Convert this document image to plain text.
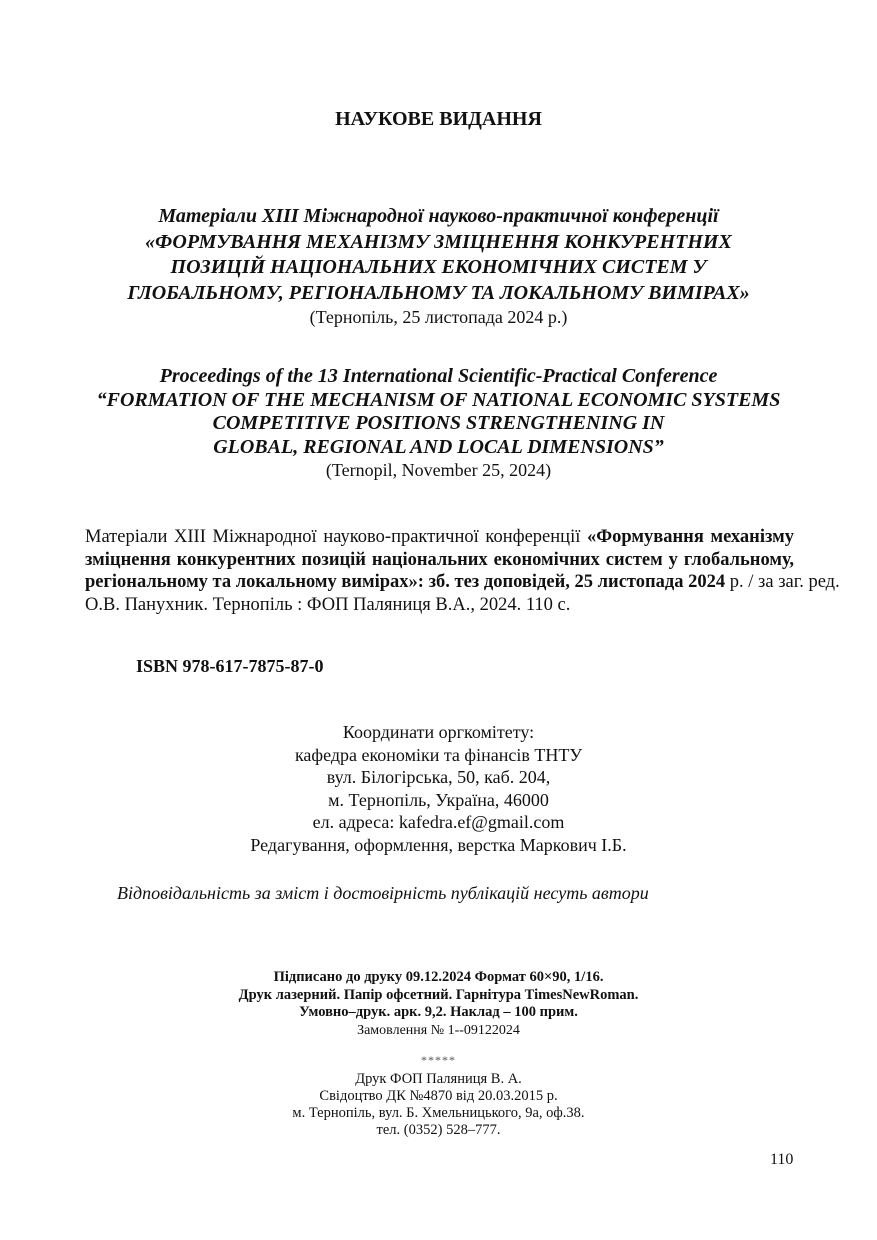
НАУКОВЕ ВИДАННЯ
Матеріали XIII Міжнародної науково-практичної конференції
«ФОРМУВАННЯ МЕХАНІЗМУ ЗМІЦНЕННЯ КОНКУРЕНТНИХ
ПОЗИЦІЙ НАЦІОНАЛЬНИХ ЕКОНОМІЧНИХ СИСТЕМ У
ГЛОБАЛЬНОМУ, РЕГІОНАЛЬНОМУ ТА ЛОКАЛЬНОМУ ВИМІРАХ»
(Тернопіль, 25 листопада 2024 р.)
Proceedings of the 13 International Scientific-Practical Conference
“FORMATION OF THE MECHANISM OF NATIONAL ECONOMIC SYSTEMS
COMPETITIVE POSITIONS STRENGTHENING IN
GLOBAL, REGIONAL AND LOCAL DIMENSIONS”
(Ternopil, November 25, 2024)
Матеріали XIII Міжнародної науково-практичної конференції «Формування механізму
зміцнення конкурентних позицій національних економічних систем у глобальному,
регіональному та локальному вимірах»: зб. тез доповідей, 25 листопада 2024 р. / за заг. ред.
О.В. Панухник. Тернопіль : ФОП Паляниця В.А., 2024. 110 с.
ISBN 978-617-7875-87-0
Координати оргкомітету:
кафедра економіки та фінансів ТНТУ
вул. Білогірська, 50, каб. 204,
м. Тернопіль, Україна, 46000
ел. адреса: kafedra.ef@gmail.com
Редагування, оформлення, верстка Маркович І.Б.
Відповідальність за зміст і достовірність публікацій несуть автори
Підписано до друку 09.12.2024 Формат 60×90, 1/16.
Друк лазерний. Папір офсетний. Гарнітура TimesNewRoman.
Умовно–друк. арк. 9,2. Наклад – 100 прим.
Замовлення № 1--09122024
*****
Друк ФОП Паляниця В. А.
Свідоцтво ДК №4870 від 20.03.2015 р.
м. Тернопіль, вул. Б. Хмельницького, 9а, оф.38.
тел. (0352) 528–777.
110
